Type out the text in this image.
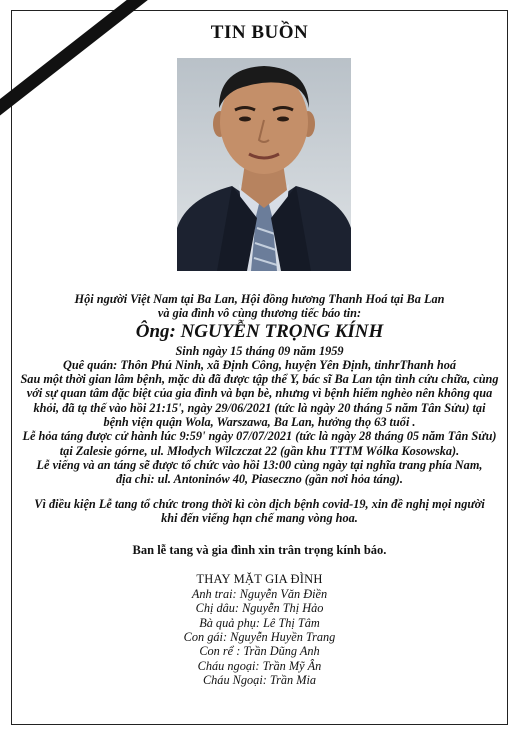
TIN BUỒN
Hội người Việt Nam tại Ba Lan, Hội đồng hương Thanh Hoá tại Ba Lan
và gia đình vô cùng thương tiếc báo tin:
Ông: NGUYỄN TRỌNG KÍNH
Sinh ngày 15 tháng 09 năm 1959
Quê quán: Thôn Phú Ninh, xã Định Công, huyện Yên Định, tinhrThanh hoá
Sau một thời gian lâm bệnh, mặc dù đã được tập thể Y, bác sĩ Ba Lan tận tình cứu chữa, cùng
với sự quan tâm đặc biệt của gia đình và bạn bè, nhưng vì bệnh hiểm nghèo nên không qua
khỏi, đã tạ thế vào hồi 21:15', ngày 29/06/2021 (tức là ngày 20 tháng 5 năm Tân Sửu) tại
bệnh viện quận Wola, Warszawa, Ba Lan, hưởng thọ 63 tuổi .
Lễ hỏa táng được cử hành lúc 9:59' ngày 07/07/2021 (tức là ngày 28 tháng 05 năm Tân Sửu)
tại Zalesie górne, ul. Młodych Wilczczat 22 (gần khu TTTM Wólka Kosowska).
Lễ viếng và an táng sẽ được tổ chức vào hồi 13:00 cùng ngày tại nghĩa trang phía Nam,
địa chỉ: ul. Antoninów 40, Piaseczno (gần nơi hỏa táng).
Vì điều kiện Lễ tang tổ chức trong thời kì còn dịch bệnh covid-19, xin đề nghị mọi người
khi đến viếng hạn chế mang vòng hoa.
Ban lễ tang và gia đình xin trân trọng kính báo.
THAY MẶT GIA ĐÌNH
Anh trai: Nguyễn Văn Điền
Chị dâu: Nguyễn Thị Hảo
Bà quả phụ: Lê Thị Tâm
Con gái: Nguyễn Huyền Trang
Con rể : Trần Dũng Anh
Cháu ngoại: Trần Mỹ Ân
Cháu Ngoại: Trần Mia
